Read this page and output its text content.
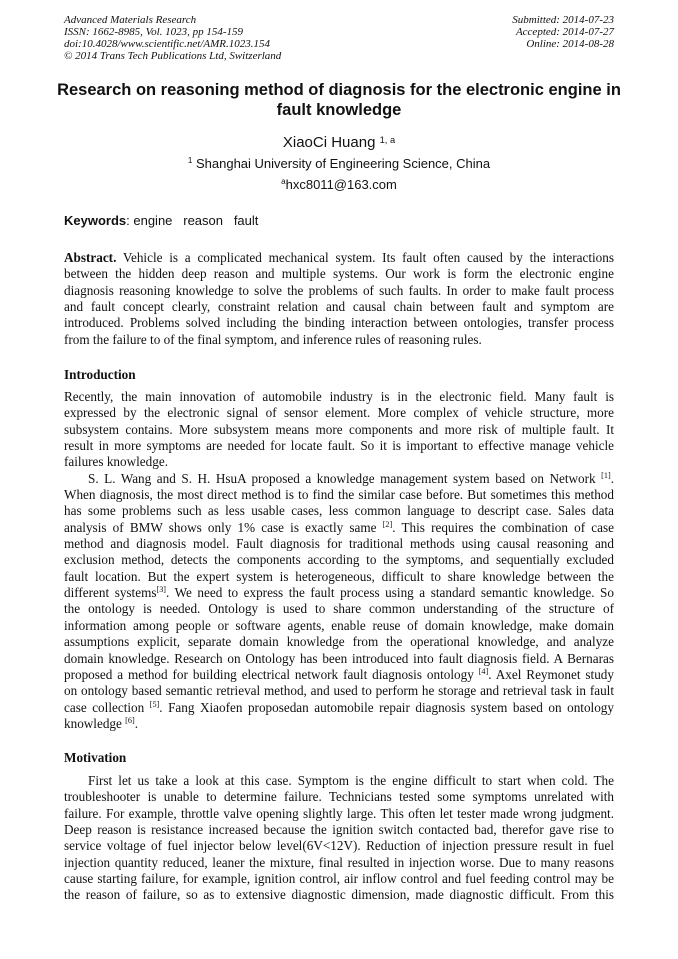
Advanced Materials Research
ISSN: 1662-8985, Vol. 1023, pp 154-159
doi:10.4028/www.scientific.net/AMR.1023.154
© 2014 Trans Tech Publications Ltd, Switzerland
Submitted: 2014-07-23
Accepted: 2014-07-27
Online: 2014-08-28
Research on reasoning method of diagnosis for the electronic engine in
fault knowledge
XiaoCi Huang $^{1, a}$
$^1$ Shanghai University of Engineering Science, China
$^a$hxc8011@163.com
Keywords: engine   reason   fault
Abstract. Vehicle is a complicated mechanical system. Its fault often caused by the interactions
between the hidden deep reason and multiple systems. Our work is form the electronic engine
diagnosis reasoning knowledge to solve the problems of such faults. In order to make fault process
and fault concept clearly, constraint relation and causal chain between fault and symptom are
introduced. Problems solved including the binding interaction between ontologies, transfer process
from the failure to of the final symptom, and inference rules of reasoning rules.
Introduction
Recently, the main innovation of automobile industry is in the electronic field. Many fault is
expressed by the electronic signal of sensor element. More complex of vehicle structure, more
subsystem contains. More subsystem means more components and more risk of multiple fault. It
result in more symptoms are needed for locate fault. So it is important to effective manage vehicle
failures knowledge.
S. L. Wang and S. H. HsuA proposed a knowledge management system based on Network [1].
When diagnosis, the most direct method is to find the similar case before. But sometimes this method
has some problems such as less usable cases, less common language to descript case. Sales data
analysis of BMW shows only 1% case is exactly same [2]. This requires the combination of case
method and diagnosis model. Fault diagnosis for traditional methods using causal reasoning and
exclusion method, detects the components according to the symptoms, and sequentially excluded
fault location. But the expert system is heterogeneous, difficult to share knowledge between the
different systems[3]. We need to express the fault process using a standard semantic knowledge. So
the ontology is needed. Ontology is used to share common understanding of the structure of
information among people or software agents, enable reuse of domain knowledge, make domain
assumptions explicit, separate domain knowledge from the operational knowledge, and analyze
domain knowledge. Research on Ontology has been introduced into fault diagnosis field. A Bernaras
proposed a method for building electrical network fault diagnosis ontology [4]. Axel Reymonet study
on ontology based semantic retrieval method, and used to perform he storage and retrieval task in fault
case collection [5]. Fang Xiaofen proposedan automobile repair diagnosis system based on ontology
knowledge [6].
Motivation
First let us take a look at this case. Symptom is the engine difficult to start when cold. The
troubleshooter is unable to determine failure. Technicians tested some symptoms unrelated with
failure. For example, throttle valve opening slightly large. This often let tester made wrong judgment.
Deep reason is resistance increased because the ignition switch contacted bad, therefor gave rise to
service voltage of fuel injector below level(6V<12V). Reduction of injection pressure result in fuel
injection quantity reduced, leaner the mixture, final resulted in injection worse. Due to many reasons
cause starting failure, for example, ignition control, air inflow control and fuel feeding control may be
the reason of failure, so as to extensive diagnostic dimension, made diagnostic difficult. From this
